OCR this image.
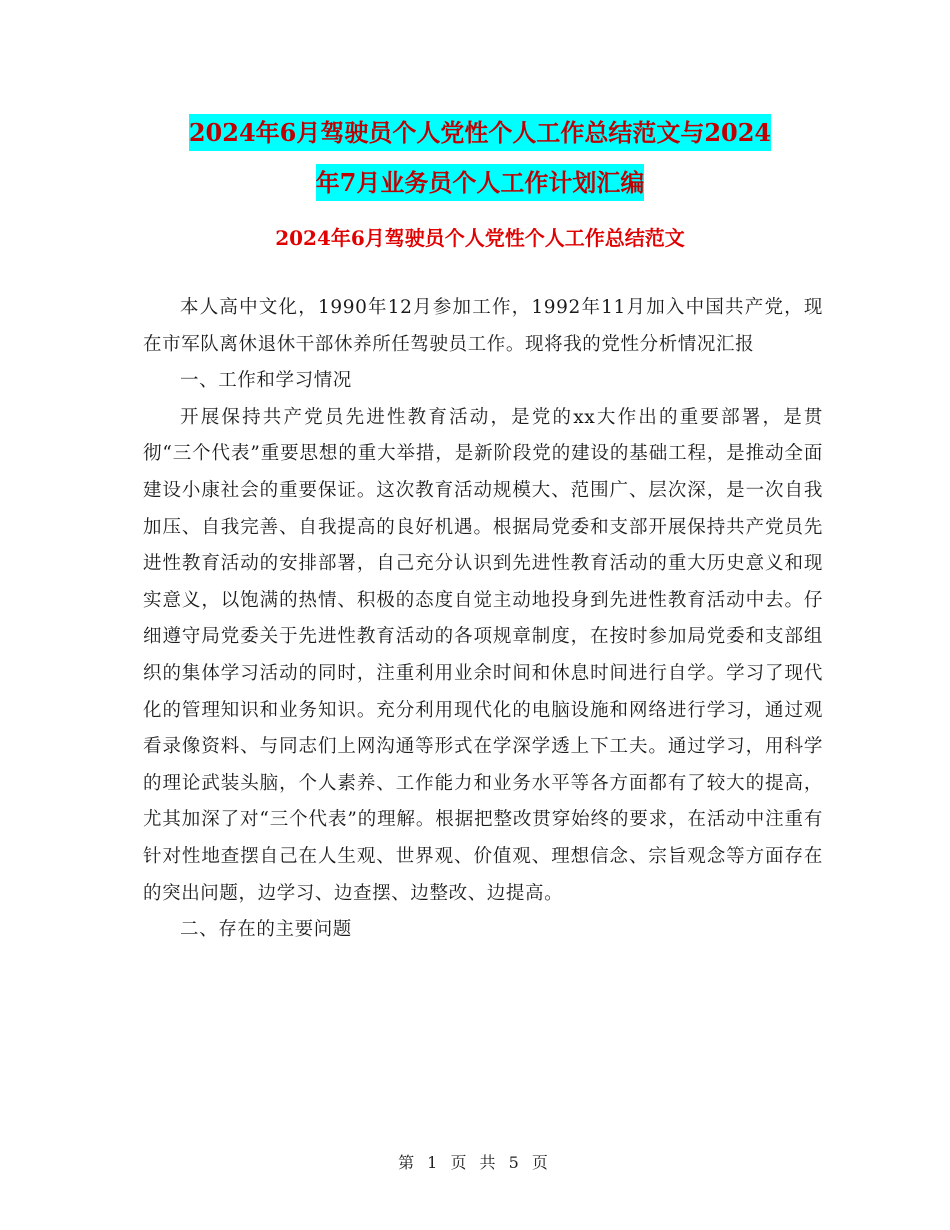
2024年6月驾驶员个人党性个人工作总结范文与2024
年7月业务员个人工作计划汇编
2024年6月驾驶员个人党性个人工作总结范文

本人高中文化，1990年12月参加工作，1992年11月加入中国共产党，现在市军队离休退休干部休养所任驾驶员工作。现将我的党性分析情况汇报

一、工作和学习情况

开展保持共产党员先进性教育活动，是党的xx大作出的重要部署，是贯彻“三个代表”重要思想的重大举措，是新阶段党的建设的基础工程，是推动全面建设小康社会的重要保证。这次教育活动规模大、范围广、层次深，是一次自我加压、自我完善、自我提高的良好机遇。根据局党委和支部开展保持共产党员先进性教育活动的安排部署，自己充分认识到先进性教育活动的重大历史意义和现实意义，以饱满的热情、积极的态度自觉主动地投身到先进性教育活动中去。仔细遵守局党委关于先进性教育活动的各项规章制度，在按时参加局党委和支部组织的集体学习活动的同时，注重利用业余时间和休息时间进行自学。学习了现代化的管理知识和业务知识。充分利用现代化的电脑设施和网络进行学习，通过观看录像资料、与同志们上网沟通等形式在学深学透上下工夫。通过学习，用科学的理论武装头脑，个人素养、工作能力和业务水平等各方面都有了较大的提高，尤其加深了对“三个代表”的理解。根据把整改贯穿始终的要求，在活动中注重有针对性地查摆自己在人生观、世界观、价值观、理想信念、宗旨观念等方面存在的突出问题，边学习、边查摆、边整改、边提高。

二、存在的主要问题

第 1 页 共 5 页
